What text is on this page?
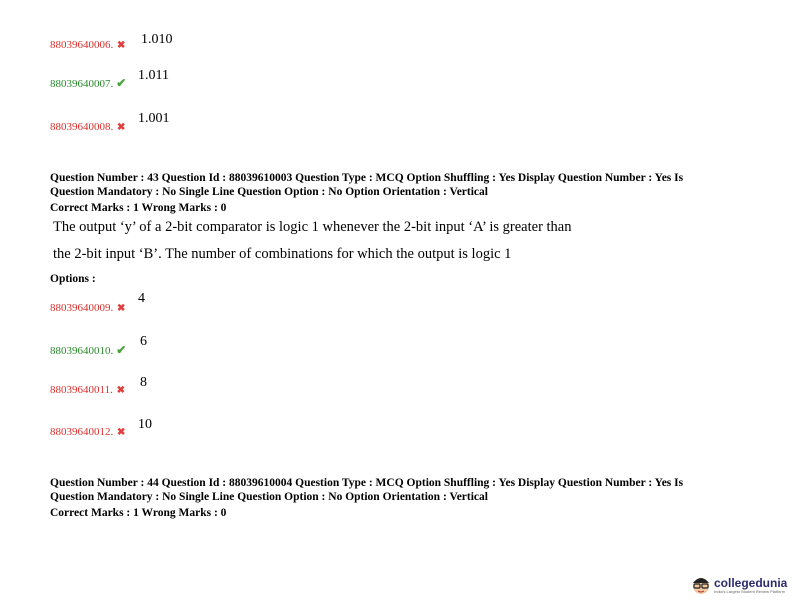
88039640006. ✖ 1.010
88039640007. ✔ 1.011
88039640008. ✖
1.001
Question Number : 43 Question Id : 88039610003 Question Type : MCQ Option Shuffling : Yes Display Question Number : Yes Is
Question Mandatory : No Single Line Question Option : No Option Orientation : Vertical
Correct Marks : 1 Wrong Marks : 0
The output ‘y’ of a 2-bit comparator is logic 1 whenever the 2-bit input ‘A’ is greater than
the 2-bit input ‘B’. The number of combinations for which the output is logic 1
Options :
88039640009. ✖
4
88039640010. ✔
6
88039640011. ✖
8
88039640012. ✖
10
Question Number : 44 Question Id : 88039610004 Question Type : MCQ Option Shuffling : Yes Display Question Number : Yes Is
Question Mandatory : No Single Line Question Option : No Option Orientation : Vertical
Correct Marks : 1 Wrong Marks : 0
collegedunia
India's Largest Student Review Platform
